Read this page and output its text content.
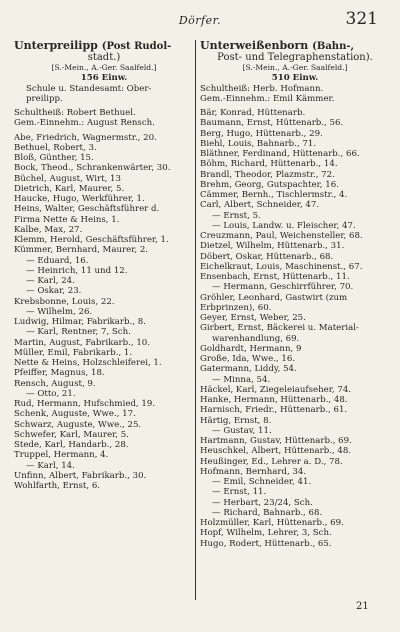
Dörfer.	321
Unterpreilipp (Post Rudol-
stadt.)
[S.-Mein., A.-Ger. Saalfeld.]
156 Einw.
Schule u. Standesamt: Ober-
preilipp.
Schultheiß: Robert Bethuel.
Gem.-Einnehm.: August Rensch.
Abe, Friedrich, Wagnermstr., 20.
Bethuel, Robert, 3.
Bloß, Günther, 15.
Bock, Theod., Schrankenwärter, 30.
Büchel, August, Wirt, 13
Dietrich, Karl, Maurer, 5.
Haucke, Hugo, Werkführer, 1.
Heins, Walter, Geschäftsführer d.
Firma Nette & Heins, 1.
Kalbe, Max, 27.
Klemm, Herold, Geschäftsführer, 1.
Kümmer, Bernhard, Maurer, 2.
— Eduard, 16.
— Heinrich, 11 und 12.
— Karl, 24.
— Oskar, 23.
Krebsbonne, Louis, 22.
— Wilhelm, 26.
Ludwig, Hilmar, Fabrikarb., 8.
— Karl, Rentner, 7, Sch.
Martin, August, Fabrikarb., 10.
Müller, Emil, Fabrikarb., 1.
Nette & Heins, Holzschleiferei, 1.
Pfeiffer, Magnus, 18.
Rensch, August, 9.
— Otto, 21.
Rud, Hermann, Hufschmied, 19.
Schenk, Auguste, Wwe., 17.
Schwarz, Auguste, Wwe., 25.
Schwefer, Karl, Maurer, 5.
Stede, Karl, Handarb., 28.
Truppel, Hermann, 4.
— Karl, 14.
Unfinn, Albert, Fabrikarb., 30.
Wohlfarth, Ernst, 6.
Unterweißenborn (Bahn-,
Post- und Telegraphenstation).
[S.-Mein., A.-Ger. Saalfeld.]
510 Einw.
Schultheiß: Herb. Hofmann.
Gem.-Einnehm.: Emil Kämmer.
Bär, Konrad, Hüttenarb.
Baumann, Ernst, Hüttenarb., 56.
Berg, Hugo, Hüttenarb., 29.
Biehl, Louis, Bahnarb., 71.
Bläthner, Ferdinand, Hüttenarb., 66.
Böhm, Richard, Hüttenarb., 14.
Brandl, Theodor, Plazmstr., 72.
Brehm, Georg, Gutspachter, 16.
Cämmer, Bernh., Tischlermstr., 4.
Carl, Albert, Schneider, 47.
— Ernst, 5.
— Louis, Landw. u. Fleischer, 47.
Creuzmann, Paul, Weichensteller, 68.
Dietzel, Wilhelm, Hüttenarb., 31.
Döbert, Oskar, Hüttenarb., 68.
Eichelkraut, Louis, Maschinenst., 67.
Ensenbach, Ernst, Hüttenarb., 11.
— Hermann, Geschirrführer, 70.
Gröhler, Leonhard, Gastwirt (zum
Erbprinzen), 60.
Geyer, Ernst, Weber, 25.
Girbert, Ernst, Bäckerei u. Material-
warenhandlung, 69.
Goldhardt, Hermann, 9
Große, Ida, Wwe., 16.
Gatermann, Liddy, 54.
— Minna, 54.
Häckel, Karl, Ziegeleiaufseher, 74.
Hanke, Hermann, Hüttenarb., 48.
Harnisch, Friedr., Hüttenarb., 61.
Härtig, Ernst, 8.
— Gustav, 11.
Hartmann, Gustav, Hüttenarb., 69.
Heuschkel, Albert, Hüttenarb., 48.
Heußinger, Ed., Lehrer a. D., 78.
Hofmann, Bernhard, 34.
— Emil, Schneider, 41.
— Ernst, 11.
— Herbart, 23/24, Sch.
— Richard, Bahnarb., 68.
Holzmüller, Karl, Hüttenarb., 69.
Hopf, Wilhelm, Lehrer, 3, Sch.
Hugo, Rodert, Hüttenarb., 65.
21
